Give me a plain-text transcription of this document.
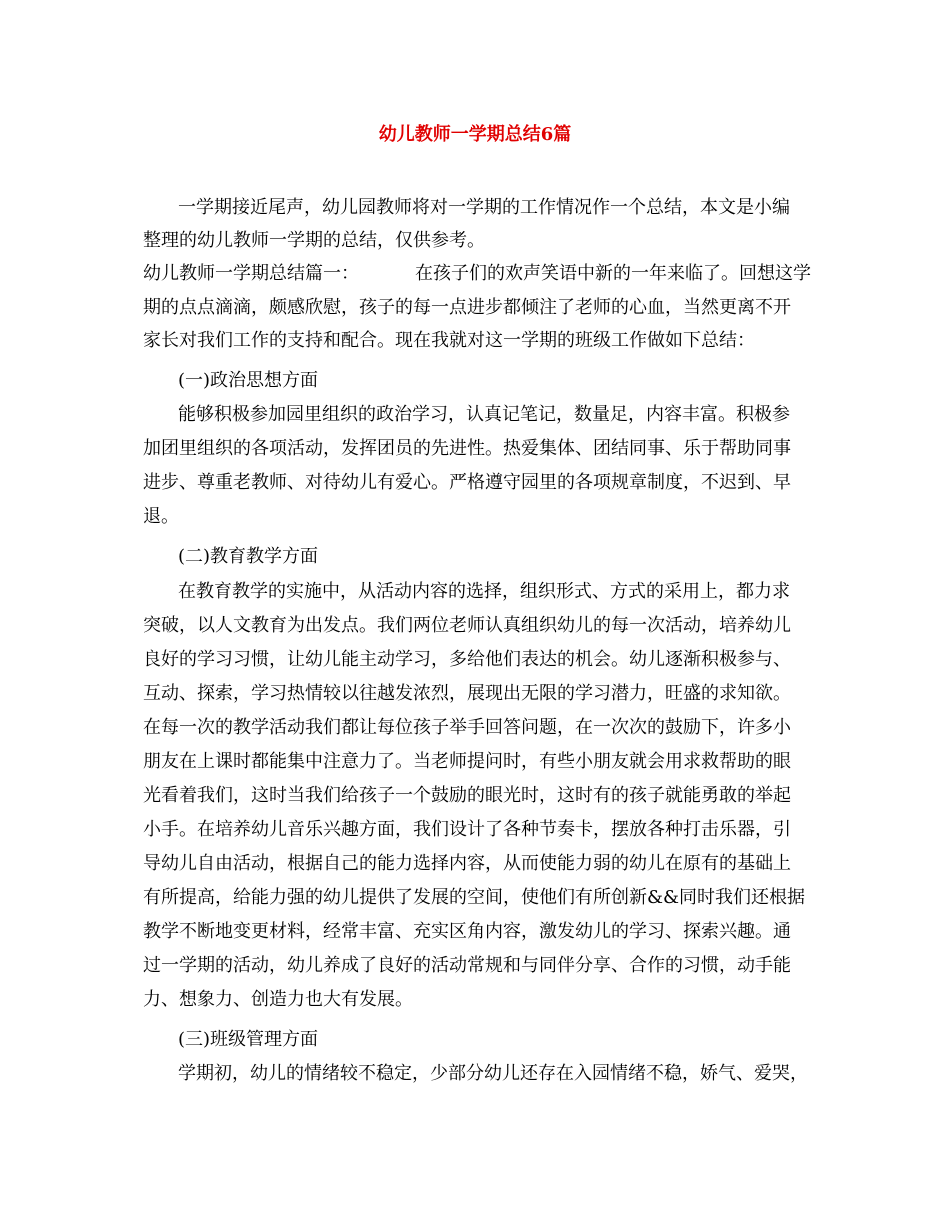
幼儿教师一学期总结6篇
一学期接近尾声，幼儿园教师将对一学期的工作情况作一个总结，本文是小编
整理的幼儿教师一学期的总结，仅供参考。
幼儿教师一学期总结篇一：	在孩子们的欢声笑语中新的一年来临了。回想这学
期的点点滴滴，颇感欣慰，孩子的每一点进步都倾注了老师的心血，当然更离不开
家长对我们工作的支持和配合。现在我就对这一学期的班级工作做如下总结：
(一)政治思想方面
能够积极参加园里组织的政治学习，认真记笔记，数量足，内容丰富。积极参
加团里组织的各项活动，发挥团员的先进性。热爱集体、团结同事、乐于帮助同事
进步、尊重老教师、对待幼儿有爱心。严格遵守园里的各项规章制度，不迟到、早
退。
(二)教育教学方面
在教育教学的实施中，从活动内容的选择，组织形式、方式的采用上，都力求
突破，以人文教育为出发点。我们两位老师认真组织幼儿的每一次活动，培养幼儿
良好的学习习惯，让幼儿能主动学习，多给他们表达的机会。幼儿逐渐积极参与、
互动、探索，学习热情较以往越发浓烈，展现出无限的学习潜力，旺盛的求知欲。
在每一次的教学活动我们都让每位孩子举手回答问题，在一次次的鼓励下，许多小
朋友在上课时都能集中注意力了。当老师提问时，有些小朋友就会用求救帮助的眼
光看着我们，这时当我们给孩子一个鼓励的眼光时，这时有的孩子就能勇敢的举起
小手。在培养幼儿音乐兴趣方面，我们设计了各种节奏卡，摆放各种打击乐器，引
导幼儿自由活动，根据自己的能力选择内容，从而使能力弱的幼儿在原有的基础上
有所提高，给能力强的幼儿提供了发展的空间，使他们有所创新&&同时我们还根据
教学不断地变更材料，经常丰富、充实区角内容，激发幼儿的学习、探索兴趣。通
过一学期的活动，幼儿养成了良好的活动常规和与同伴分享、合作的习惯，动手能
力、想象力、创造力也大有发展。
(三)班级管理方面
学期初，幼儿的情绪较不稳定，少部分幼儿还存在入园情绪不稳，娇气、爱哭，
